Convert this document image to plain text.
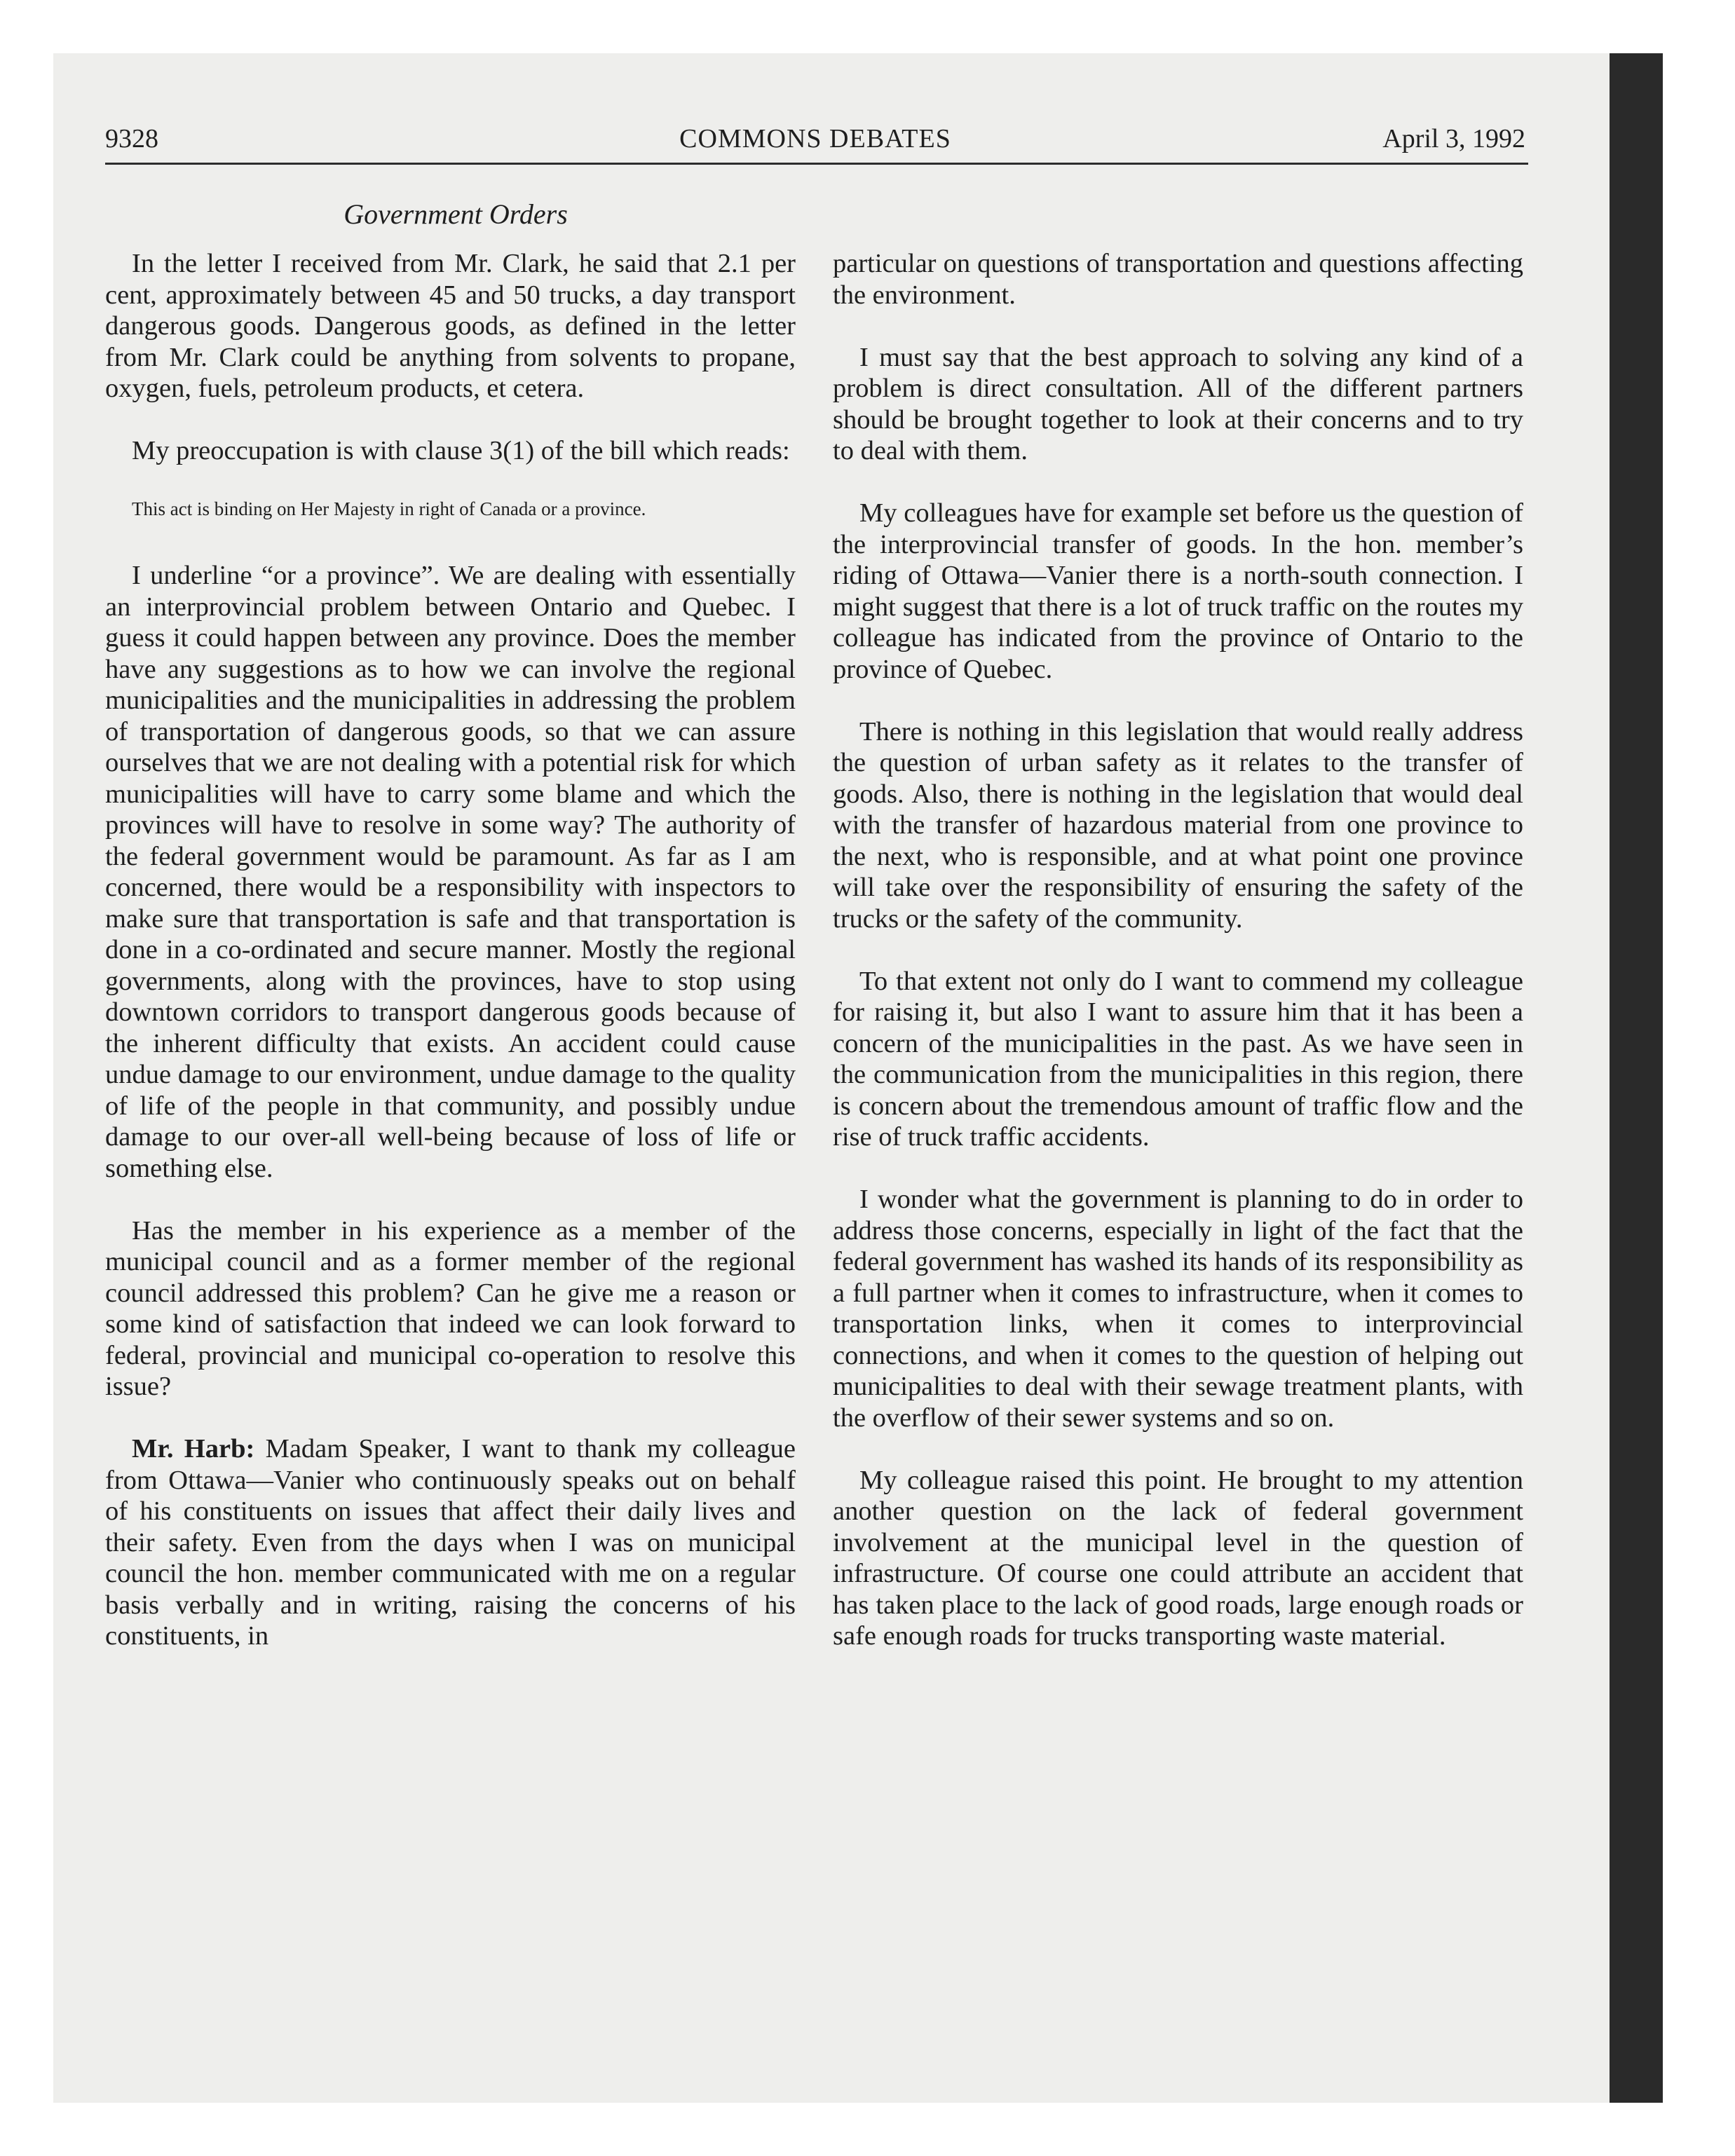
9328	COMMONS DEBATES	April 3, 1992
Government Orders

In the letter I received from Mr. Clark, he said that 2.1 per cent, approximately between 45 and 50 trucks, a day transport dangerous goods. Dangerous goods, as defined in the letter from Mr. Clark could be anything from solvents to propane, oxygen, fuels, petroleum products, et cetera.

My preoccupation is with clause 3(1) of the bill which reads:

This act is binding on Her Majesty in right of Canada or a province.

I underline “or a province”. We are dealing with essentially an interprovincial problem between Ontario and Quebec. I guess it could happen between any province. Does the member have any suggestions as to how we can involve the regional municipalities and the municipalities in addressing the problem of transportation of dangerous goods, so that we can assure ourselves that we are not dealing with a potential risk for which municipalities will have to carry some blame and which the provinces will have to resolve in some way? The authority of the federal government would be paramount. As far as I am concerned, there would be a responsibility with inspectors to make sure that transportation is safe and that transportation is done in a co-ordinated and secure manner. Mostly the regional governments, along with the provinces, have to stop using downtown corridors to transport dangerous goods because of the inherent difficulty that exists. An accident could cause undue damage to our environment, undue damage to the quality of life of the people in that community, and possibly undue damage to our over-all well-being because of loss of life or something else.

Has the member in his experience as a member of the municipal council and as a former member of the regional council addressed this problem? Can he give me a reason or some kind of satisfaction that indeed we can look forward to federal, provincial and municipal co-operation to resolve this issue?

Mr. Harb: Madam Speaker, I want to thank my colleague from Ottawa—Vanier who continuously speaks out on behalf of his constituents on issues that affect their daily lives and their safety. Even from the days when I was on municipal council the hon. member communicated with me on a regular basis verbally and in writing, raising the concerns of his constituents, in

particular on questions of transportation and questions affecting the environment.

I must say that the best approach to solving any kind of a problem is direct consultation. All of the different partners should be brought together to look at their concerns and to try to deal with them.

My colleagues have for example set before us the question of the interprovincial transfer of goods. In the hon. member’s riding of Ottawa—Vanier there is a north-south connection. I might suggest that there is a lot of truck traffic on the routes my colleague has indicated from the province of Ontario to the province of Quebec.

There is nothing in this legislation that would really address the question of urban safety as it relates to the transfer of goods. Also, there is nothing in the legislation that would deal with the transfer of hazardous material from one province to the next, who is responsible, and at what point one province will take over the responsibility of ensuring the safety of the trucks or the safety of the community.

To that extent not only do I want to commend my colleague for raising it, but also I want to assure him that it has been a concern of the municipalities in the past. As we have seen in the communication from the municipalities in this region, there is concern about the tremendous amount of traffic flow and the rise of truck traffic accidents.

I wonder what the government is planning to do in order to address those concerns, especially in light of the fact that the federal government has washed its hands of its responsibility as a full partner when it comes to infrastructure, when it comes to transportation links, when it comes to interprovincial connections, and when it comes to the question of helping out municipalities to deal with their sewage treatment plants, with the overflow of their sewer systems and so on.

My colleague raised this point. He brought to my attention another question on the lack of federal government involvement at the municipal level in the question of infrastructure. Of course one could attribute an accident that has taken place to the lack of good roads, large enough roads or safe enough roads for trucks transporting waste material.
